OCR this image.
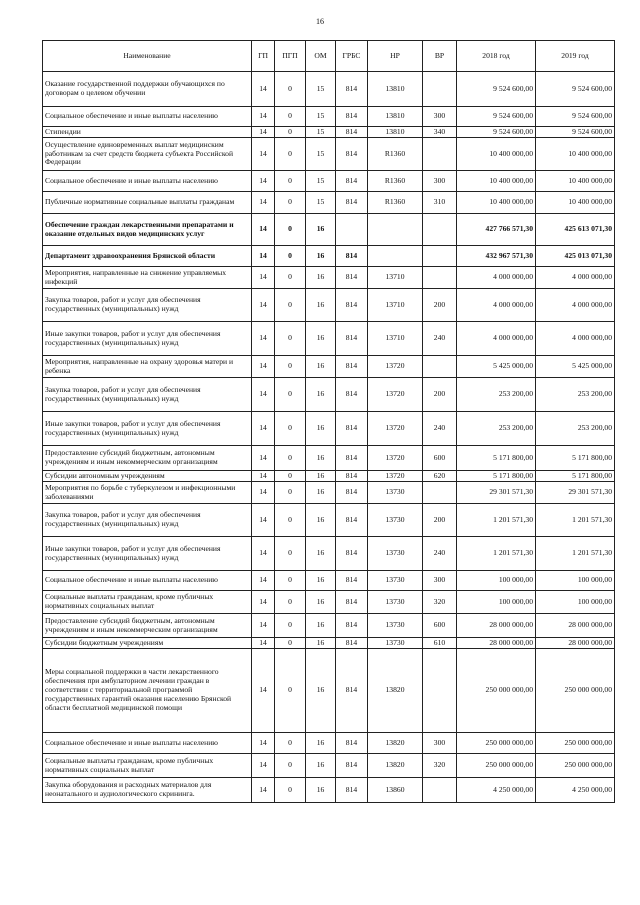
16
Наименование	ГП	ПГП	ОМ	ГРБС	НР	ВР	2018 год	2019 год
Оказание государственной поддержки обучающихся по договорам о целевом обучении	14	0	15	814	13810		9 524 600,00	9 524 600,00
Социальное обеспечение и иные выплаты населению	14	0	15	814	13810	300	9 524 600,00	9 524 600,00
Стипендии	14	0	15	814	13810	340	9 524 600,00	9 524 600,00
Осуществление единовременных выплат медицинским работникам за счет средств бюджета субъекта Российской Федерации	14	0	15	814	R1360		10 400 000,00	10 400 000,00
Социальное обеспечение и иные выплаты населению	14	0	15	814	R1360	300	10 400 000,00	10 400 000,00
Публичные нормативные социальные выплаты гражданам	14	0	15	814	R1360	310	10 400 000,00	10 400 000,00
Обеспечение граждан лекарственными препаратами и оказание отдельных видов медицинских услуг	14	0	16				427 766 571,30	425 613 071,30
Департамент здравоохранения Брянской области	14	0	16	814			432 967 571,30	425 013 071,30
Мероприятия, направленные на снижение управляемых инфекций	14	0	16	814	13710		4 000 000,00	4 000 000,00
Закупка товаров, работ и услуг для обеспечения государственных (муниципальных) нужд	14	0	16	814	13710	200	4 000 000,00	4 000 000,00
Иные закупки товаров, работ и услуг для обеспечения государственных (муниципальных) нужд	14	0	16	814	13710	240	4 000 000,00	4 000 000,00
Мероприятия, направленные на охрану здоровья матери и ребенка	14	0	16	814	13720		5 425 000,00	5 425 000,00
Закупка товаров, работ и услуг для обеспечения государственных (муниципальных) нужд	14	0	16	814	13720	200	253 200,00	253 200,00
Иные закупки товаров, работ и услуг для обеспечения государственных (муниципальных) нужд	14	0	16	814	13720	240	253 200,00	253 200,00
Предоставление субсидий бюджетным, автономным учреждениям и иным некоммерческим организациям	14	0	16	814	13720	600	5 171 800,00	5 171 800,00
Субсидии автономным учреждениям	14	0	16	814	13720	620	5 171 800,00	5 171 800,00
Мероприятия по борьбе с туберкулезом и инфекционными заболеваниями	14	0	16	814	13730		29 301 571,30	29 301 571,30
Закупка товаров, работ и услуг для обеспечения государственных (муниципальных) нужд	14	0	16	814	13730	200	1 201 571,30	1 201 571,30
Иные закупки товаров, работ и услуг для обеспечения государственных (муниципальных) нужд	14	0	16	814	13730	240	1 201 571,30	1 201 571,30
Социальное обеспечение и иные выплаты населению	14	0	16	814	13730	300	100 000,00	100 000,00
Социальные выплаты гражданам, кроме публичных нормативных социальных выплат	14	0	16	814	13730	320	100 000,00	100 000,00
Предоставление субсидий бюджетным, автономным учреждениям и иным некоммерческим организациям	14	0	16	814	13730	600	28 000 000,00	28 000 000,00
Субсидии бюджетным учреждениям	14	0	16	814	13730	610	28 000 000,00	28 000 000,00
Меры социальной поддержки в части лекарственного обеспечения при амбулаторном лечении граждан в соответствии с территориальной программой государственных гарантий оказания населению Брянской области бесплатной медицинской помощи	14	0	16	814	13820		250 000 000,00	250 000 000,00
Социальное обеспечение и иные выплаты населению	14	0	16	814	13820	300	250 000 000,00	250 000 000,00
Социальные выплаты гражданам, кроме публичных нормативных социальных выплат	14	0	16	814	13820	320	250 000 000,00	250 000 000,00
Закупка оборудования и расходных материалов для неонатального и аудиологического скрининга.	14	0	16	814	13860		4 250 000,00	4 250 000,00
